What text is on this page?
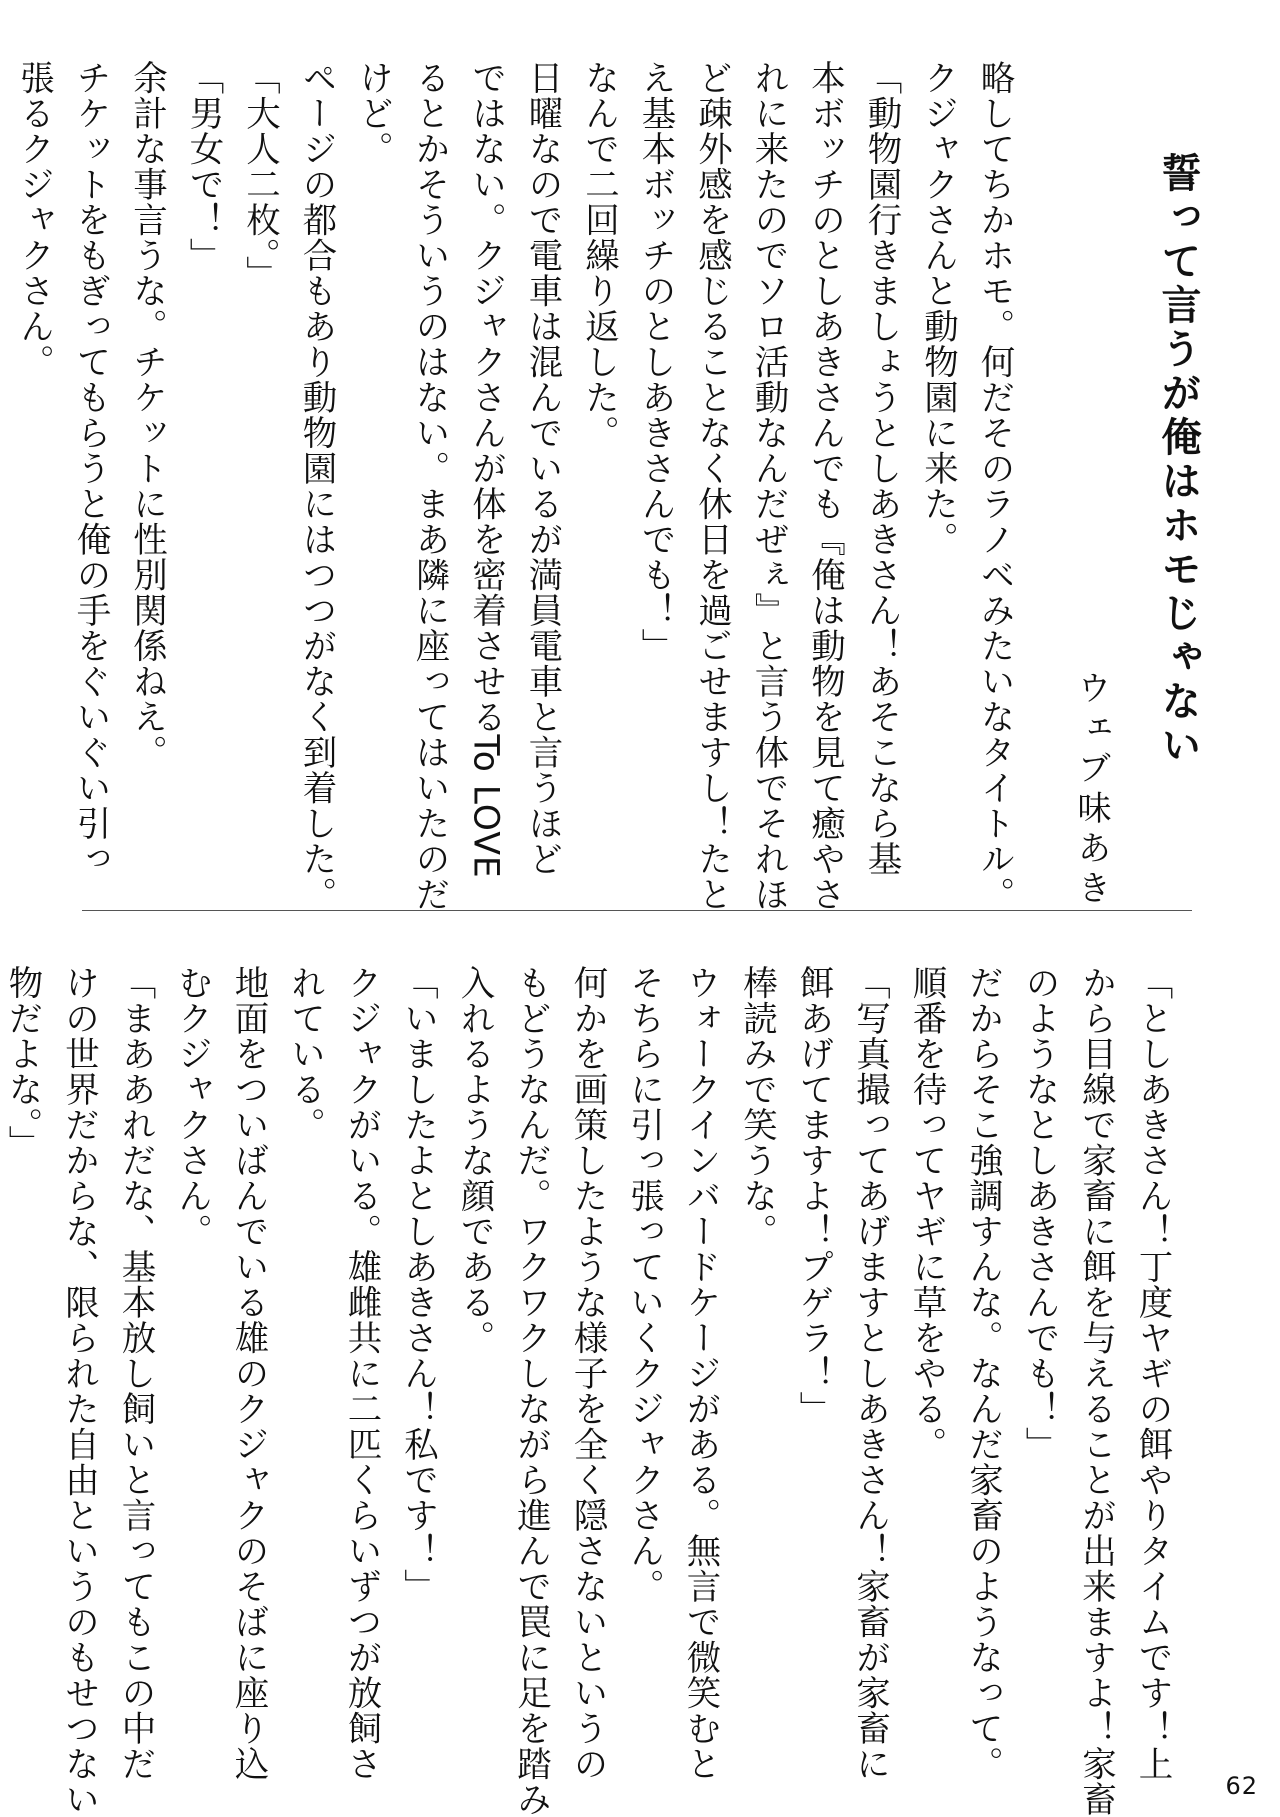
誓って言うが俺はホモじゃない
ウェブ味あき
略してちかホモ。何だそのラノベみたいなタイトル。
クジャクさんと動物園に来た。
「動物園行きましょうとしあきさん！あそこなら基
本ボッチのとしあきさんでも『俺は動物を見て癒やさ
れに来たのでソロ活動なんだぜぇ』と言う体でそれほ
ど疎外感を感じることなく休日を過ごせますし！たと
え基本ボッチのとしあきさんでも！」
なんで二回繰り返した。
日曜なので電車は混んでいるが満員電車と言うほど
ではない。クジャクさんが体を密着させるTo LOVE
るとかそういうのはない。まあ隣に座ってはいたのだ
けど。
ページの都合もあり動物園にはつつがなく到着した。
「大人二枚。」
「男女で！」
余計な事言うな。チケットに性別関係ねえ。
チケットをもぎってもらうと俺の手をぐいぐい引っ
張るクジャクさん。
「としあきさん！丁度ヤギの餌やりタイムです！上
から目線で家畜に餌を与えることが出来ますよ！家畜
のようなとしあきさんでも！」
だからそこ強調すんな。なんだ家畜のようなって。
順番を待ってヤギに草をやる。
「写真撮ってあげますとしあきさん！家畜が家畜に
餌あげてますよ！プゲラ！」
棒読みで笑うな。
ウォークインバードケージがある。無言で微笑むと
そちらに引っ張っていくクジャクさん。
何かを画策したような様子を全く隠さないというの
もどうなんだ。ワクワクしながら進んで罠に足を踏み
入れるような顔である。
「いましたよとしあきさん！私です！」
クジャクがいる。雄雌共に二匹くらいずつが放飼さ
れている。
地面をついばんでいる雄のクジャクのそばに座り込
むクジャクさん。
「まああれだな、基本放し飼いと言ってもこの中だ
けの世界だからな、限られた自由というのもせつない
物だよな。」
62
